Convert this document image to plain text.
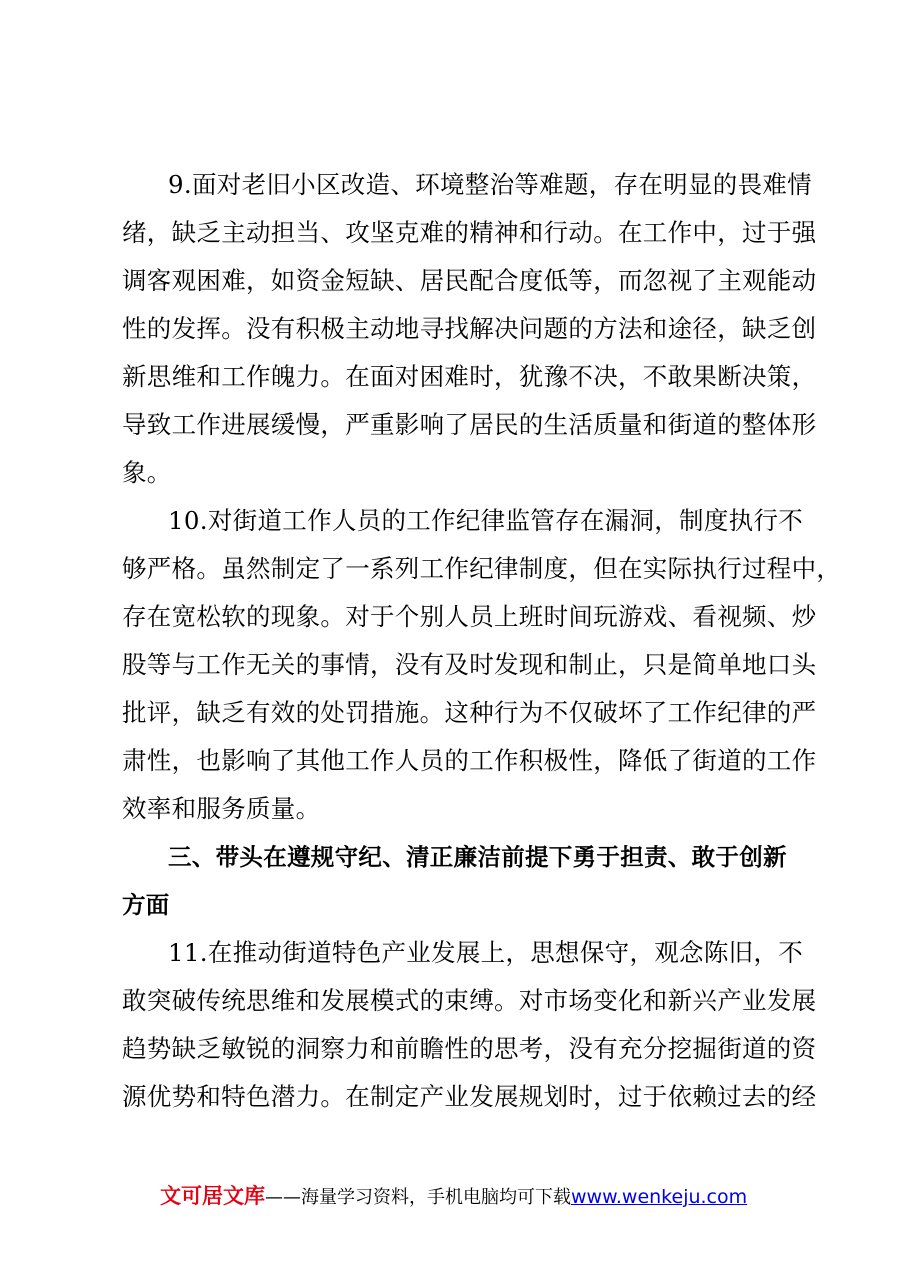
9.面对老旧小区改造、环境整治等难题，存在明显的畏难情
绪，缺乏主动担当、攻坚克难的精神和行动。在工作中，过于强
调客观困难，如资金短缺、居民配合度低等，而忽视了主观能动
性的发挥。没有积极主动地寻找解决问题的方法和途径，缺乏创
新思维和工作魄力。在面对困难时，犹豫不决，不敢果断决策，
导致工作进展缓慢，严重影响了居民的生活质量和街道的整体形
象。
10.对街道工作人员的工作纪律监管存在漏洞，制度执行不
够严格。虽然制定了一系列工作纪律制度，但在实际执行过程中，
存在宽松软的现象。对于个别人员上班时间玩游戏、看视频、炒
股等与工作无关的事情，没有及时发现和制止，只是简单地口头
批评，缺乏有效的处罚措施。这种行为不仅破坏了工作纪律的严
肃性，也影响了其他工作人员的工作积极性，降低了街道的工作
效率和服务质量。
三、带头在遵规守纪、清正廉洁前提下勇于担责、敢于创新
方面
11.在推动街道特色产业发展上，思想保守，观念陈旧，不
敢突破传统思维和发展模式的束缚。对市场变化和新兴产业发展
趋势缺乏敏锐的洞察力和前瞻性的思考，没有充分挖掘街道的资
源优势和特色潜力。在制定产业发展规划时，过于依赖过去的经
文可居文库——海量学习资料，手机电脑均可下载www.wenkeju.com
